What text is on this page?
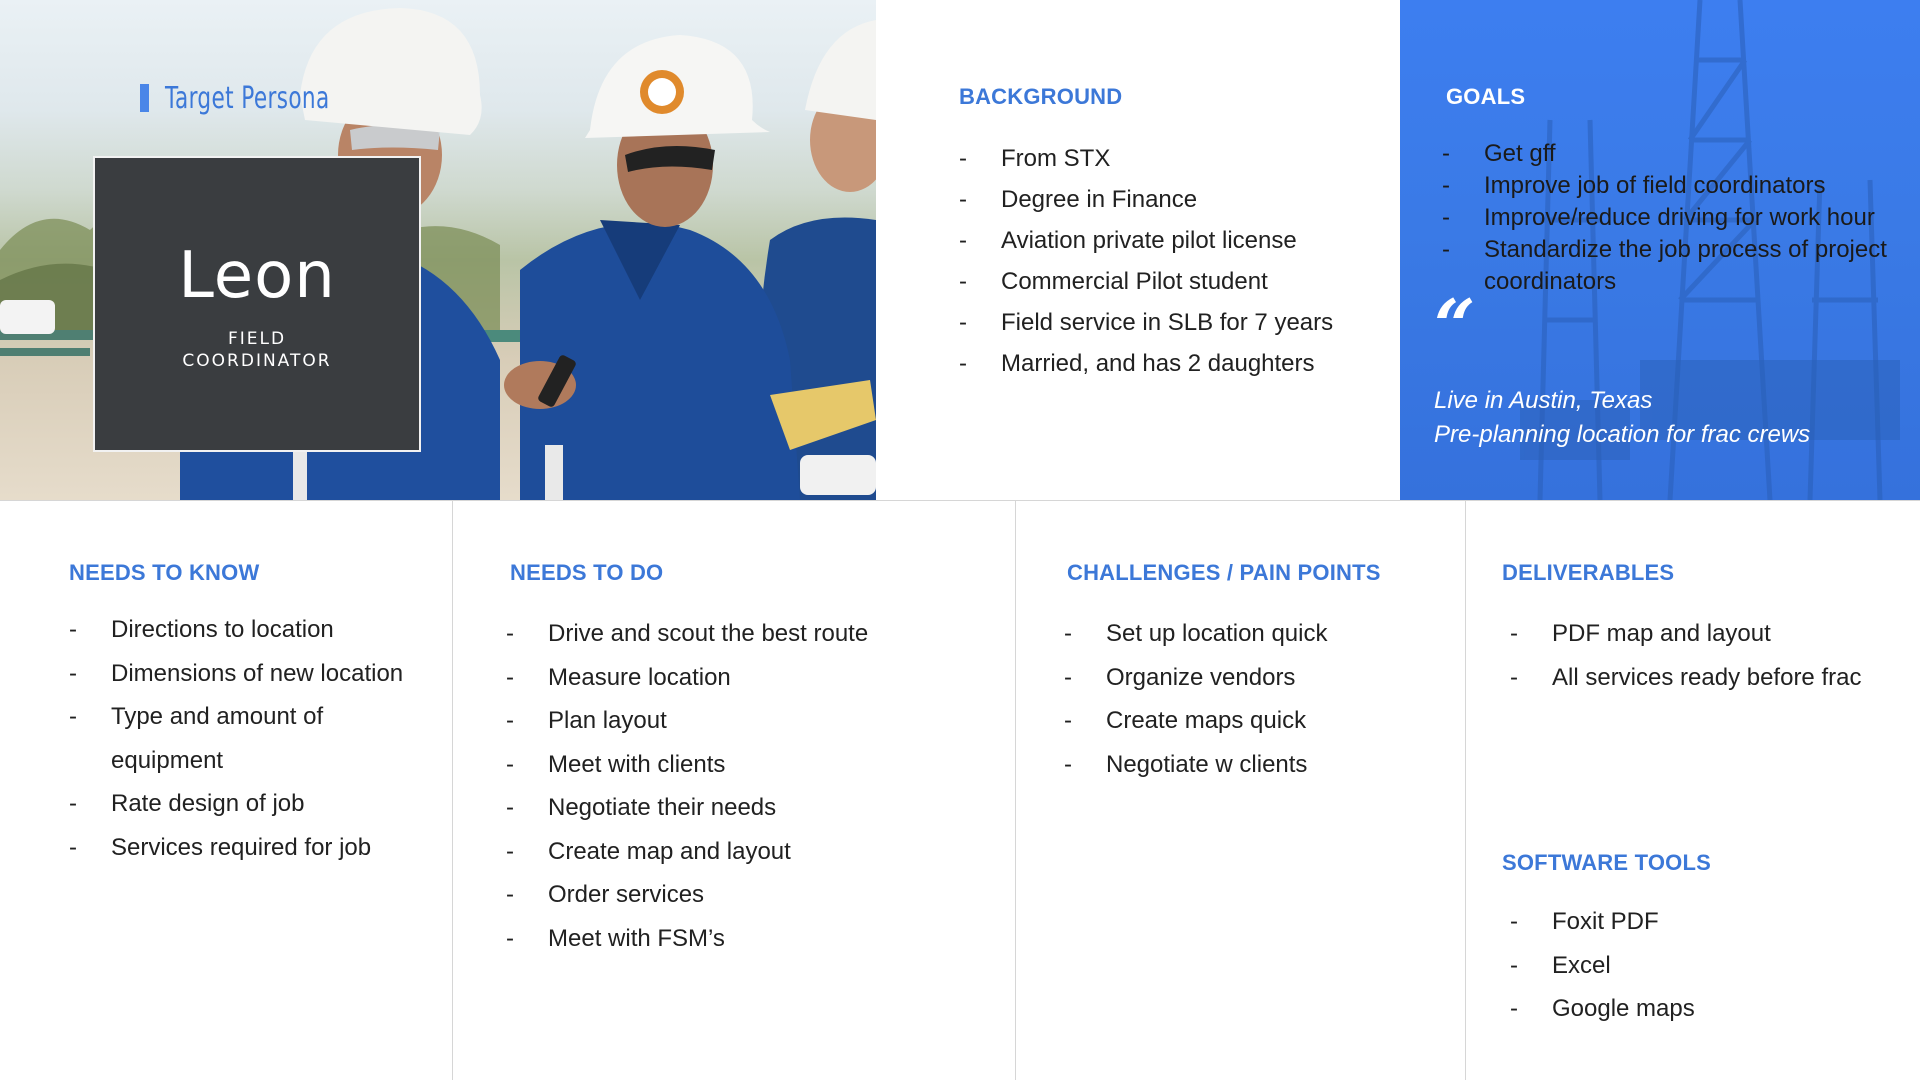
Target Persona
Leon
FIELD
COORDINATOR
BACKGROUND
- From STX
- Degree in Finance
- Aviation private pilot license
- Commercial Pilot student
- Field service in SLB for 7 years
- Married, and has 2 daughters
GOALS
- Get gff
- Improve job of field coordinators
- Improve/reduce driving for work hour
- Standardize the job process of project coordinators
“
Live in Austin, Texas
Pre-planning location for frac crews
NEEDS TO KNOW
- Directions to location
- Dimensions of new location
- Type and amount of equipment
- Rate design of job
- Services required for job
NEEDS TO DO
- Drive and scout the best route
- Measure location
- Plan layout
- Meet with clients
- Negotiate their needs
- Create map and layout
- Order services
- Meet with FSM’s
CHALLENGES / PAIN POINTS
- Set up location quick
- Organize vendors
- Create maps quick
- Negotiate w clients
DELIVERABLES
- PDF map and layout
- All services ready before frac
SOFTWARE TOOLS
- Foxit PDF
- Excel
- Google maps
